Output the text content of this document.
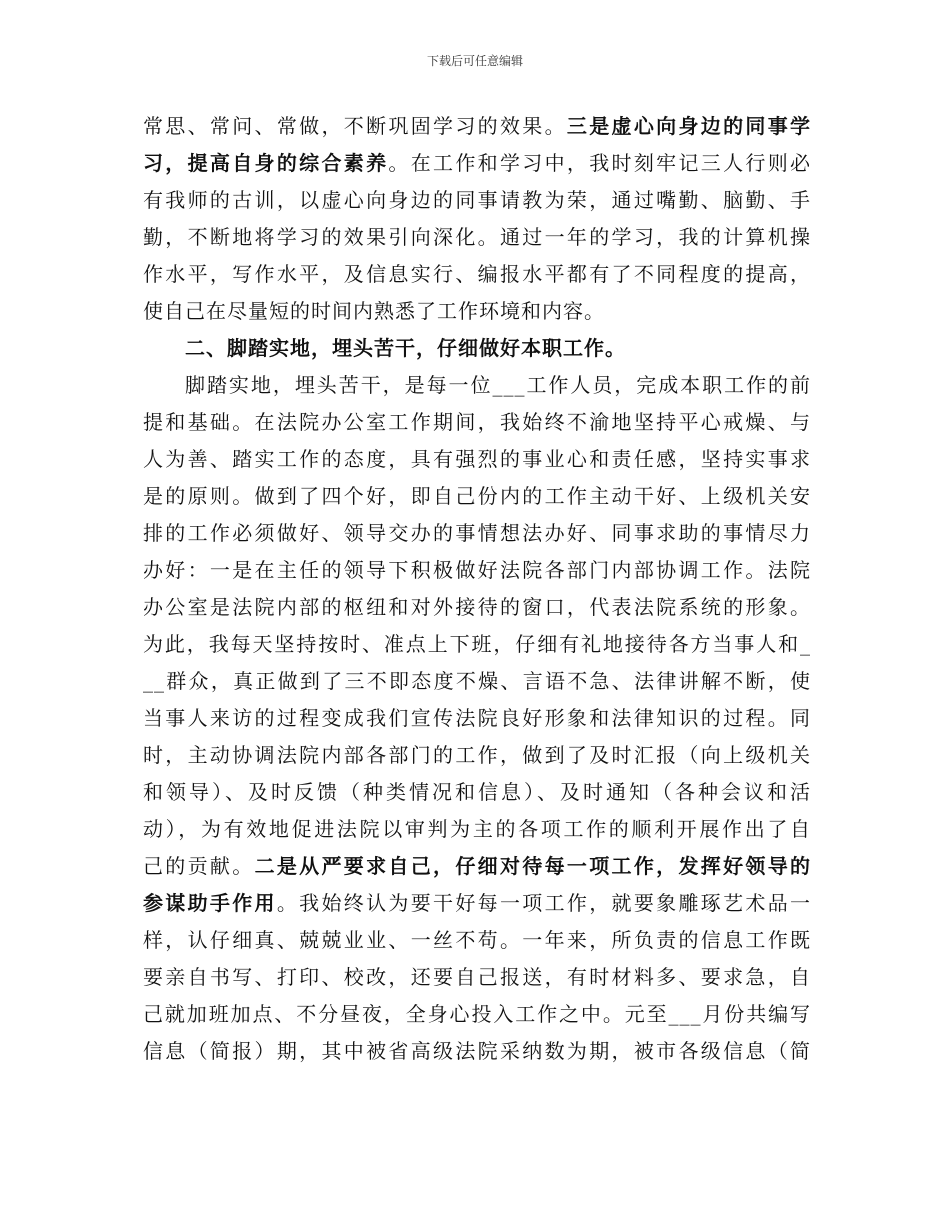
下载后可任意编辑
常思、常问、常做，不断巩固学习的效果。三是虚心向身边的同事学
习，提高自身的综合素养。在工作和学习中，我时刻牢记三人行则必
有我师的古训，以虚心向身边的同事请教为荣，通过嘴勤、脑勤、手
勤，不断地将学习的效果引向深化。通过一年的学习，我的计算机操
作水平，写作水平，及信息实行、编报水平都有了不同程度的提高，
使自己在尽量短的时间内熟悉了工作环境和内容。
二、脚踏实地，埋头苦干，仔细做好本职工作。
脚踏实地，埋头苦干，是每一位___工作人员，完成本职工作的前
提和基础。在法院办公室工作期间，我始终不渝地坚持平心戒燥、与
人为善、踏实工作的态度，具有强烈的事业心和责任感，坚持实事求
是的原则。做到了四个好，即自己份内的工作主动干好、上级机关安
排的工作必须做好、领导交办的事情想法办好、同事求助的事情尽力
办好：一是在主任的领导下积极做好法院各部门内部协调工作。法院
办公室是法院内部的枢纽和对外接待的窗口，代表法院系统的形象。
为此，我每天坚持按时、准点上下班，仔细有礼地接待各方当事人和_
__群众，真正做到了三不即态度不燥、言语不急、法律讲解不断，使
当事人来访的过程变成我们宣传法院良好形象和法律知识的过程。同
时，主动协调法院内部各部门的工作，做到了及时汇报（向上级机关
和领导）、及时反馈（种类情况和信息）、及时通知（各种会议和活
动），为有效地促进法院以审判为主的各项工作的顺利开展作出了自
己的贡献。二是从严要求自己，仔细对待每一项工作，发挥好领导的
参谋助手作用。我始终认为要干好每一项工作，就要象雕琢艺术品一
样，认仔细真、兢兢业业、一丝不苟。一年来，所负责的信息工作既
要亲自书写、打印、校改，还要自己报送，有时材料多、要求急，自
己就加班加点、不分昼夜，全身心投入工作之中。元至___月份共编写
信息（简报）期，其中被省高级法院采纳数为期，被市各级信息（简
